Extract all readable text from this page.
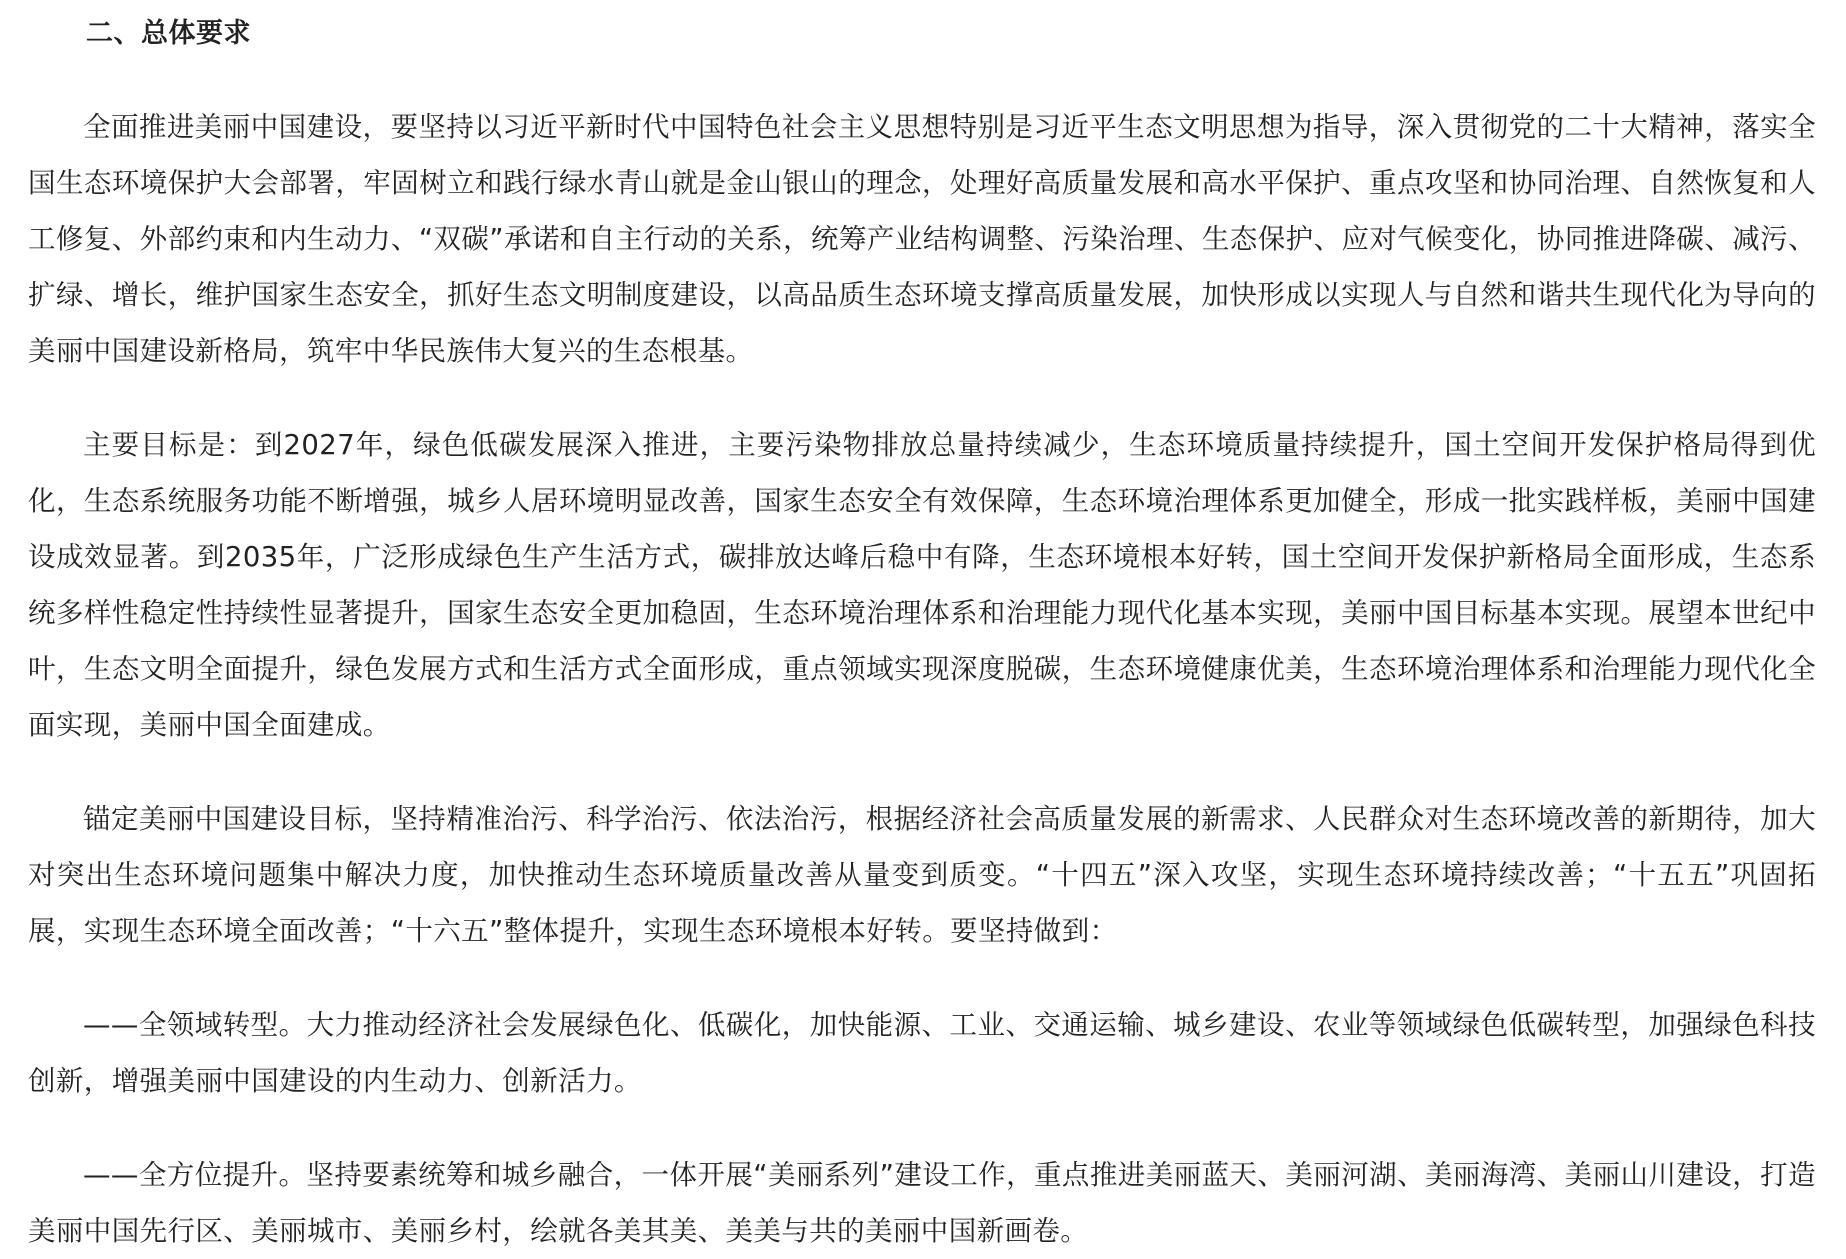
二、总体要求

全面推进美丽中国建设，要坚持以习近平新时代中国特色社会主义思想特别是习近平生态文明思想为指导，深入贯彻党的二十大精神，落实全国生态环境保护大会部署，牢固树立和践行绿水青山就是金山银山的理念，处理好高质量发展和高水平保护、重点攻坚和协同治理、自然恢复和人工修复、外部约束和内生动力、“双碳”承诺和自主行动的关系，统筹产业结构调整、污染治理、生态保护、应对气候变化，协同推进降碳、减污、扩绿、增长，维护国家生态安全，抓好生态文明制度建设，以高品质生态环境支撑高质量发展，加快形成以实现人与自然和谐共生现代化为导向的美丽中国建设新格局，筑牢中华民族伟大复兴的生态根基。

主要目标是：到2027年，绿色低碳发展深入推进，主要污染物排放总量持续减少，生态环境质量持续提升，国土空间开发保护格局得到优化，生态系统服务功能不断增强，城乡人居环境明显改善，国家生态安全有效保障，生态环境治理体系更加健全，形成一批实践样板，美丽中国建设成效显著。到2035年，广泛形成绿色生产生活方式，碳排放达峰后稳中有降，生态环境根本好转，国土空间开发保护新格局全面形成，生态系统多样性稳定性持续性显著提升，国家生态安全更加稳固，生态环境治理体系和治理能力现代化基本实现，美丽中国目标基本实现。展望本世纪中叶，生态文明全面提升，绿色发展方式和生活方式全面形成，重点领域实现深度脱碳，生态环境健康优美，生态环境治理体系和治理能力现代化全面实现，美丽中国全面建成。

锚定美丽中国建设目标，坚持精准治污、科学治污、依法治污，根据经济社会高质量发展的新需求、人民群众对生态环境改善的新期待，加大对突出生态环境问题集中解决力度，加快推动生态环境质量改善从量变到质变。“十四五”深入攻坚，实现生态环境持续改善；“十五五”巩固拓展，实现生态环境全面改善；“十六五”整体提升，实现生态环境根本好转。要坚持做到：

——全领域转型。大力推动经济社会发展绿色化、低碳化，加快能源、工业、交通运输、城乡建设、农业等领域绿色低碳转型，加强绿色科技创新，增强美丽中国建设的内生动力、创新活力。

——全方位提升。坚持要素统筹和城乡融合，一体开展“美丽系列”建设工作，重点推进美丽蓝天、美丽河湖、美丽海湾、美丽山川建设，打造美丽中国先行区、美丽城市、美丽乡村，绘就各美其美、美美与共的美丽中国新画卷。
